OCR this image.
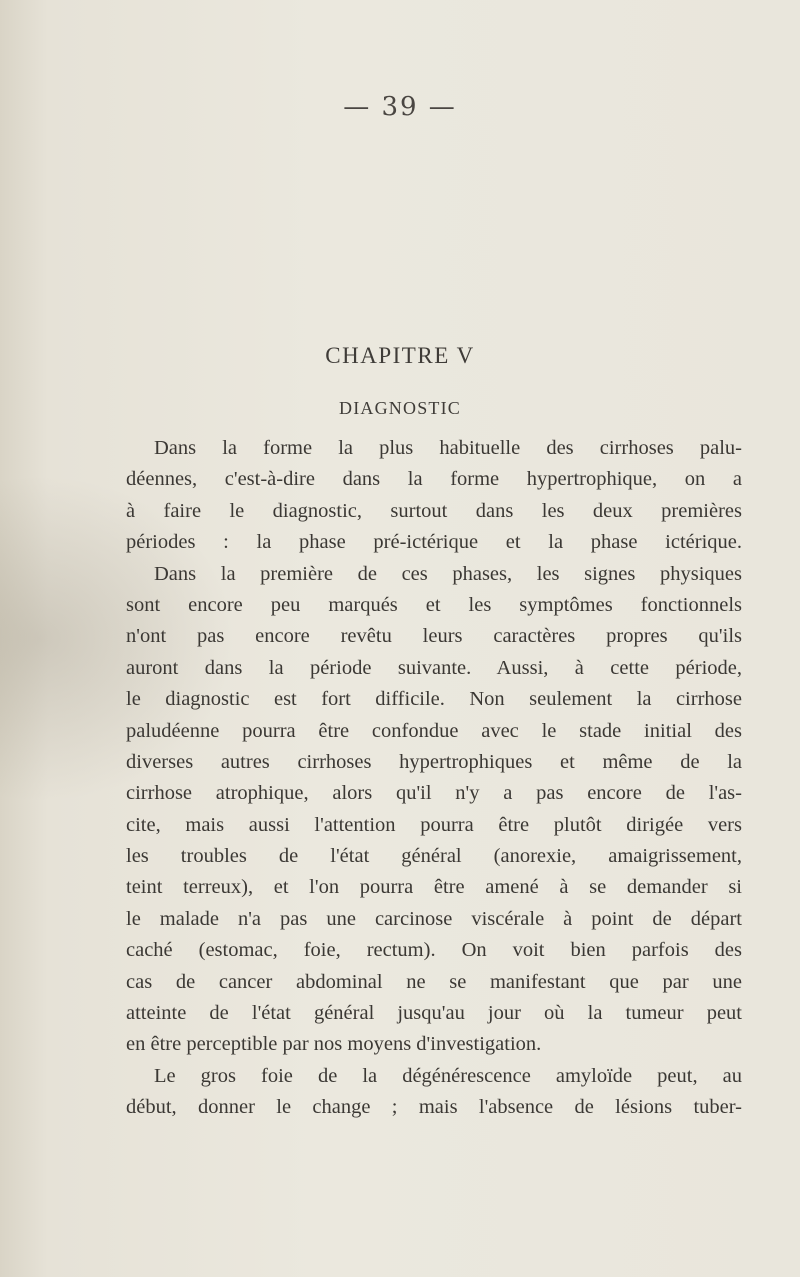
— 39 —
CHAPITRE V
DIAGNOSTIC
Dans la forme la plus habituelle des cirrhoses palu-
déennes, c'est-à-dire dans la forme hypertrophique, on a
à faire le diagnostic, surtout dans les deux premières
périodes : la phase pré-ictérique et la phase ictérique.
Dans la première de ces phases, les signes physiques
sont encore peu marqués et les symptômes fonctionnels
n'ont pas encore revêtu leurs caractères propres qu'ils
auront dans la période suivante. Aussi, à cette période,
le diagnostic est fort difficile. Non seulement la cirrhose
paludéenne pourra être confondue avec le stade initial des
diverses autres cirrhoses hypertrophiques et même de la
cirrhose atrophique, alors qu'il n'y a pas encore de l'as-
cite, mais aussi l'attention pourra être plutôt dirigée vers
les troubles de l'état général (anorexie, amaigrissement,
teint terreux), et l'on pourra être amené à se demander si
le malade n'a pas une carcinose viscérale à point de départ
caché (estomac, foie, rectum). On voit bien parfois des
cas de cancer abdominal ne se manifestant que par une
atteinte de l'état général jusqu'au jour où la tumeur peut
en être perceptible par nos moyens d'investigation.
Le gros foie de la dégénérescence amyloïde peut, au
début, donner le change ; mais l'absence de lésions tuber-
